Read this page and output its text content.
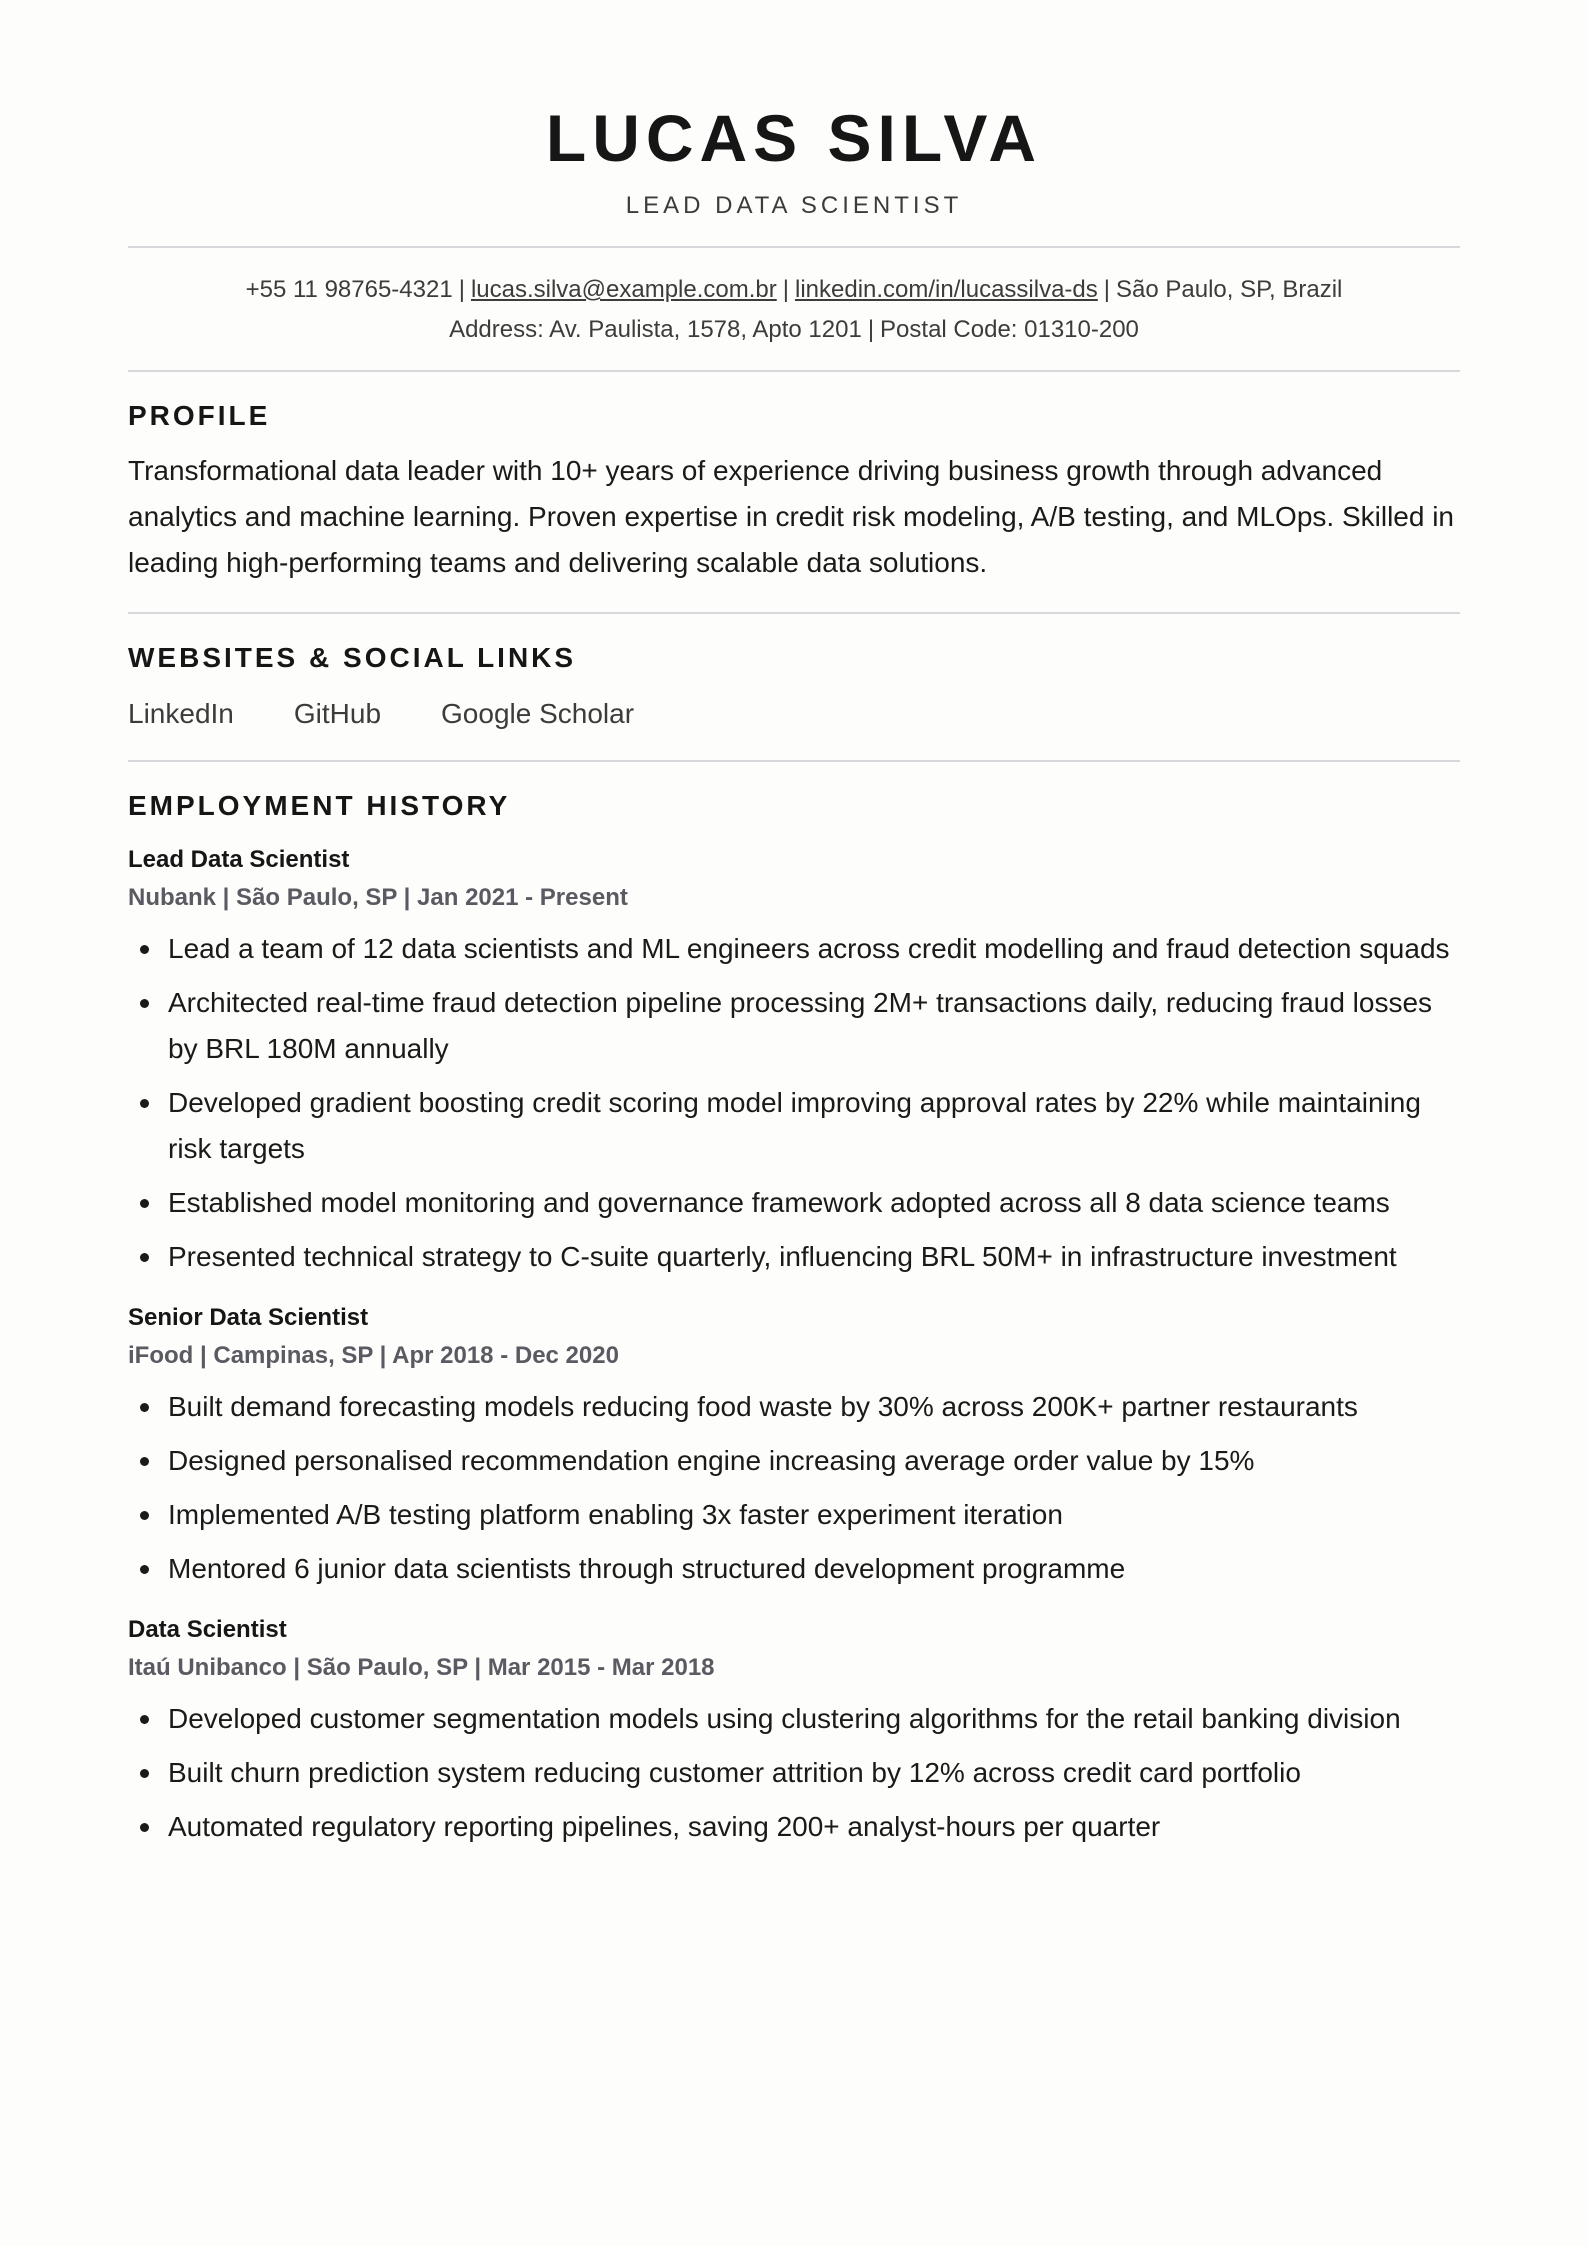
LUCAS SILVA
LEAD DATA SCIENTIST
+55 11 98765-4321 | lucas.silva@example.com.br | linkedin.com/in/lucassilva-ds | São Paulo, SP, Brazil
Address: Av. Paulista, 1578, Apto 1201 | Postal Code: 01310-200
PROFILE

Transformational data leader with 10+ years of experience driving business growth through advanced analytics and machine learning. Proven expertise in credit risk modeling, A/B testing, and MLOps. Skilled in leading high-performing teams and delivering scalable data solutions.

WEBSITES & SOCIAL LINKS
LinkedIn GitHub Google Scholar
EMPLOYMENT HISTORY
Lead Data Scientist
Nubank | São Paulo, SP | Jan 2021 - Present
Lead a team of 12 data scientists and ML engineers across credit modelling and fraud detection squads
Architected real-time fraud detection pipeline processing 2M+ transactions daily, reducing fraud losses by BRL 180M annually
Developed gradient boosting credit scoring model improving approval rates by 22% while maintaining risk targets
Established model monitoring and governance framework adopted across all 8 data science teams
Presented technical strategy to C-suite quarterly, influencing BRL 50M+ in infrastructure investment
Senior Data Scientist
iFood | Campinas, SP | Apr 2018 - Dec 2020
Built demand forecasting models reducing food waste by 30% across 200K+ partner restaurants
Designed personalised recommendation engine increasing average order value by 15%
Implemented A/B testing platform enabling 3x faster experiment iteration
Mentored 6 junior data scientists through structured development programme
Data Scientist
Itaú Unibanco | São Paulo, SP | Mar 2015 - Mar 2018
Developed customer segmentation models using clustering algorithms for the retail banking division
Built churn prediction system reducing customer attrition by 12% across credit card portfolio
Automated regulatory reporting pipelines, saving 200+ analyst-hours per quarter
